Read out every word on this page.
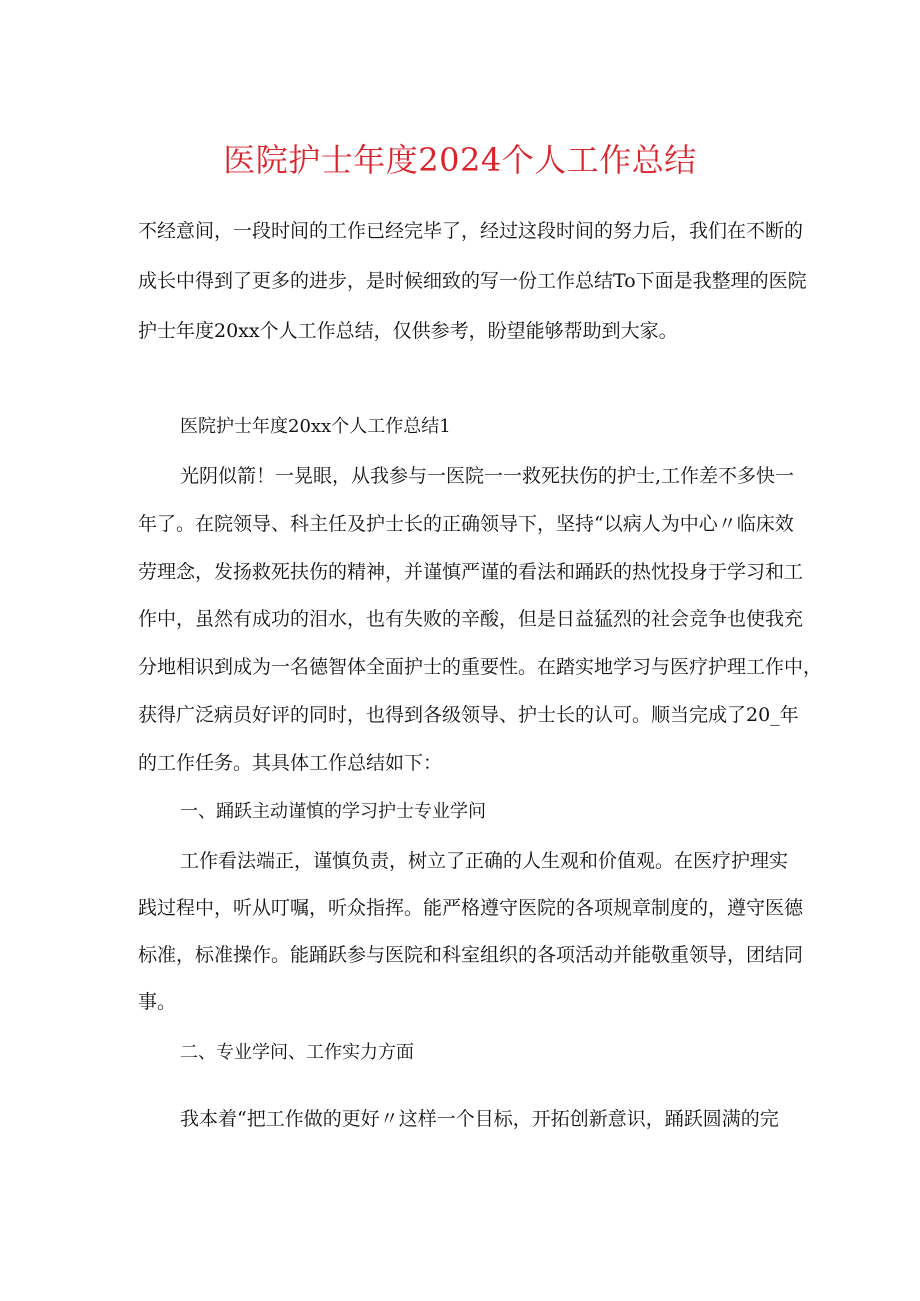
医院护士年度2024个人工作总结

不经意间，一段时间的工作已经完毕了，经过这段时间的努力后，我们在不断的

成长中得到了更多的进步，是时候细致的写一份工作总结To下面是我整理的医院

护士年度20xx个人工作总结，仅供参考，盼望能够帮助到大家。

医院护士年度20xx个人工作总结1

光阴似箭！一晃眼，从我参与一医院一一救死扶伤的护士,工作差不多快一

年了。在院领导、科主任及护士长的正确领导下，坚持“以病人为中心〃临床效

劳理念，发扬救死扶伤的精神，并谨慎严谨的看法和踊跃的热忱投身于学习和工

作中，虽然有成功的泪水，也有失败的辛酸，但是日益猛烈的社会竞争也使我充

分地相识到成为一名德智体全面护士的重要性。在踏实地学习与医疗护理工作中，

获得广泛病员好评的同时，也得到各级领导、护士长的认可。顺当完成了20_年

的工作任务。其具体工作总结如下：

一、踊跃主动谨慎的学习护士专业学问

工作看法端正，谨慎负责，树立了正确的人生观和价值观。在医疗护理实

践过程中，听从叮嘱，听众指挥。能严格遵守医院的各项规章制度的，遵守医德

标准，标准操作。能踊跃参与医院和科室组织的各项活动并能敬重领导，团结同

事。

二、专业学问、工作实力方面

我本着“把工作做的更好〃这样一个目标，开拓创新意识，踊跃圆满的完
